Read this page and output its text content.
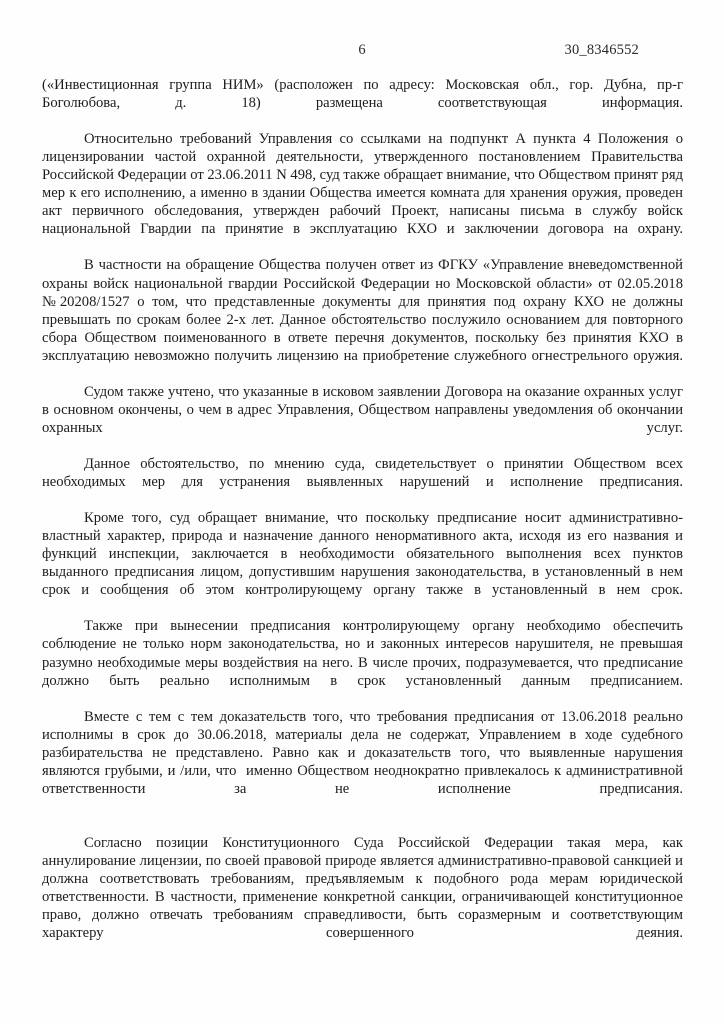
6	30_8346552

(«Инвестиционная группа НИМ» (расположен по адресу: Московская обл., гор. Дубна, пр-г Боголюбова, д. 18) размещена соответствующая информация.

Относительно требований Управления со ссылками на подпункт А пункта 4 Положения о лицензировании частой охранной деятельности, утвержденного постановлением Правительства Российской Федерации от 23.06.2011 N 498, суд также обращает внимание, что Обществом принят ряд мер к его исполнению, а именно в здании Общества имеется комната для хранения оружия, проведен акт первичного обследования, утвержден рабочий Проект, написаны письма в службу войск национальной Гвардии па принятие в эксплуатацию КХО и заключении договора на охрану.

В частности на обращение Общества получен ответ из ФГКУ «Управление вневедомственной охраны войск национальной гвардии Российской Федерации но Московской области» от 02.05.2018 №20208/1527 о том, что представленные документы для принятия под охрану КХО не должны превышать по срокам более 2-х лет. Данное обстоятельство послужило основанием для повторного сбора Обществом поименованного в ответе перечня документов, поскольку без принятия КХО в эксплуатацию невозможно получить лицензию на приобретение служебного огнестрельного оружия.

Судом также учтено, что указанные в исковом заявлении Договора на оказание охранных услуг в основном окончены, о чем в адрес Управления, Обществом направлены уведомления об окончании охранных услуг.

Данное обстоятельство, по мнению суда, свидетельствует о принятии Обществом всех необходимых мер для устранения выявленных нарушений и исполнение предписания.

Кроме того, суд обращает внимание, что поскольку предписание носит административно-властный характер, природа и назначение данного ненормативного акта, исходя из его названия и функций инспекции, заключается в необходимости обязательного выполнения всех пунктов выданного предписания лицом, допустившим нарушения законодательства, в установленный в нем срок и сообщения об этом контролирующему органу также в установленный в нем срок.

Также при вынесении предписания контролирующему органу необходимо обеспечить соблюдение не только норм законодательства, но и законных интересов нарушителя, не превышая разумно необходимые меры воздействия на него. В числе прочих, подразумевается, что предписание должно быть реально исполнимым в срок установленный данным предписанием.

Вместе с тем с тем доказательств того, что требования предписания от 13.06.2018 реально исполнимы в срок до 30.06.2018, материалы дела не содержат, Управлением в ходе судебного разбирательства не представлено. Равно как и доказательств того, что выявленные нарушения являются грубыми, и /или, что  именно Обществом неоднократно привлекалось к административной ответственности за не исполнение предписания.

Согласно позиции Конституционного Суда Российской Федерации такая мера, как аннулирование лицензии, по своей правовой природе является административно-правовой санкцией и должна соответствовать требованиям, предъявляемым к подобного рода мерам юридической ответственности. В частности, применение конкретной санкции, ограничивающей конституционное право, должно отвечать требованиям справедливости, быть соразмерным и соответствующим характеру совершенного деяния.
